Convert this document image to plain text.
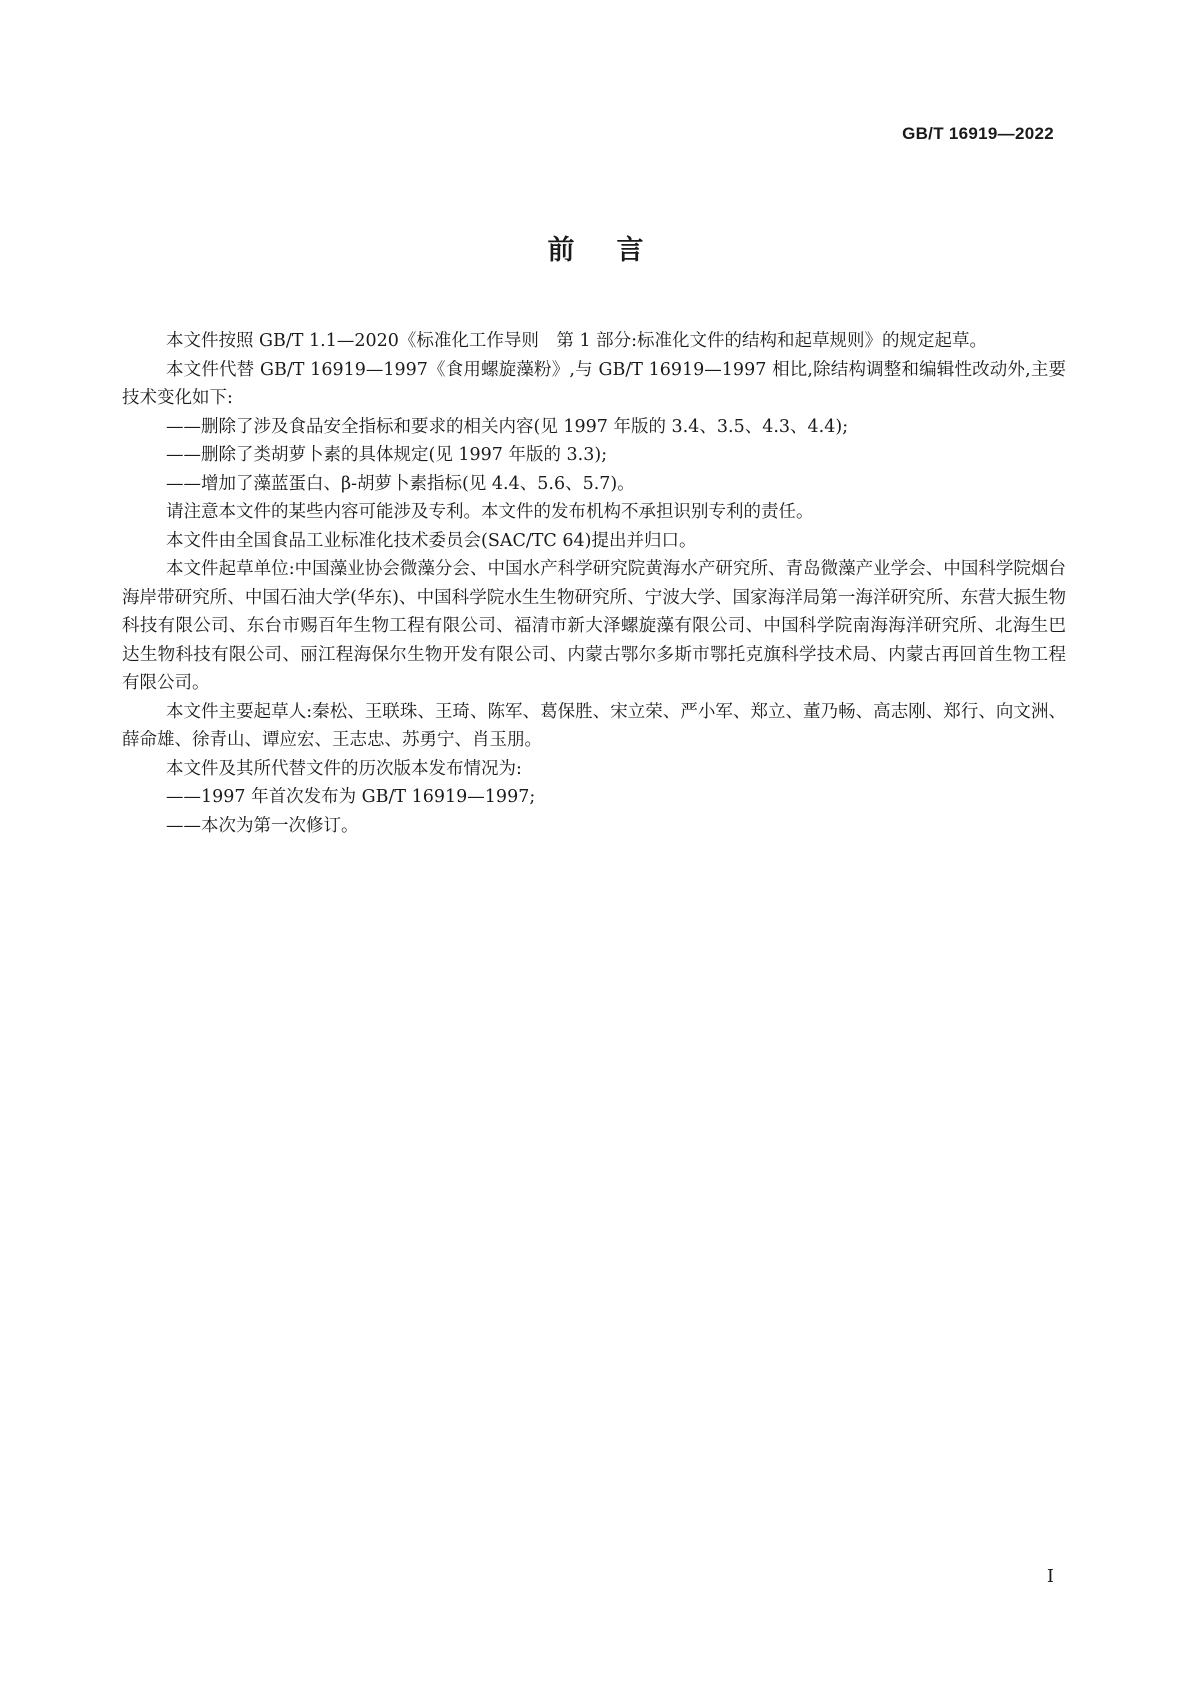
GB/T 16919—2022
前言

本文件按照 GB/T 1.1—2020《标准化工作导则　第 1 部分:标准化文件的结构和起草规则》的规定起草。

本文件代替 GB/T 16919—1997《食用螺旋藻粉》,与 GB/T 16919—1997 相比,除结构调整和编辑性改动外,主要技术变化如下:

——删除了涉及食品安全指标和要求的相关内容(见 1997 年版的 3.4、3.5、4.3、4.4);

——删除了类胡萝卜素的具体规定(见 1997 年版的 3.3);

——增加了藻蓝蛋白、β-胡萝卜素指标(见 4.4、5.6、5.7)。

请注意本文件的某些内容可能涉及专利。本文件的发布机构不承担识别专利的责任。

本文件由全国食品工业标准化技术委员会(SAC/TC 64)提出并归口。

本文件起草单位:中国藻业协会微藻分会、中国水产科学研究院黄海水产研究所、青岛微藻产业学会、中国科学院烟台海岸带研究所、中国石油大学(华东)、中国科学院水生生物研究所、宁波大学、国家海洋局第一海洋研究所、东营大振生物科技有限公司、东台市赐百年生物工程有限公司、福清市新大泽螺旋藻有限公司、中国科学院南海海洋研究所、北海生巴达生物科技有限公司、丽江程海保尔生物开发有限公司、内蒙古鄂尔多斯市鄂托克旗科学技术局、内蒙古再回首生物工程有限公司。

本文件主要起草人:秦松、王联珠、王琦、陈军、葛保胜、宋立荣、严小军、郑立、董乃畅、高志刚、郑行、向文洲、薛命雄、徐青山、谭应宏、王志忠、苏勇宁、肖玉朋。

本文件及其所代替文件的历次版本发布情况为:

——1997 年首次发布为 GB/T 16919—1997;

——本次为第一次修订。

I
